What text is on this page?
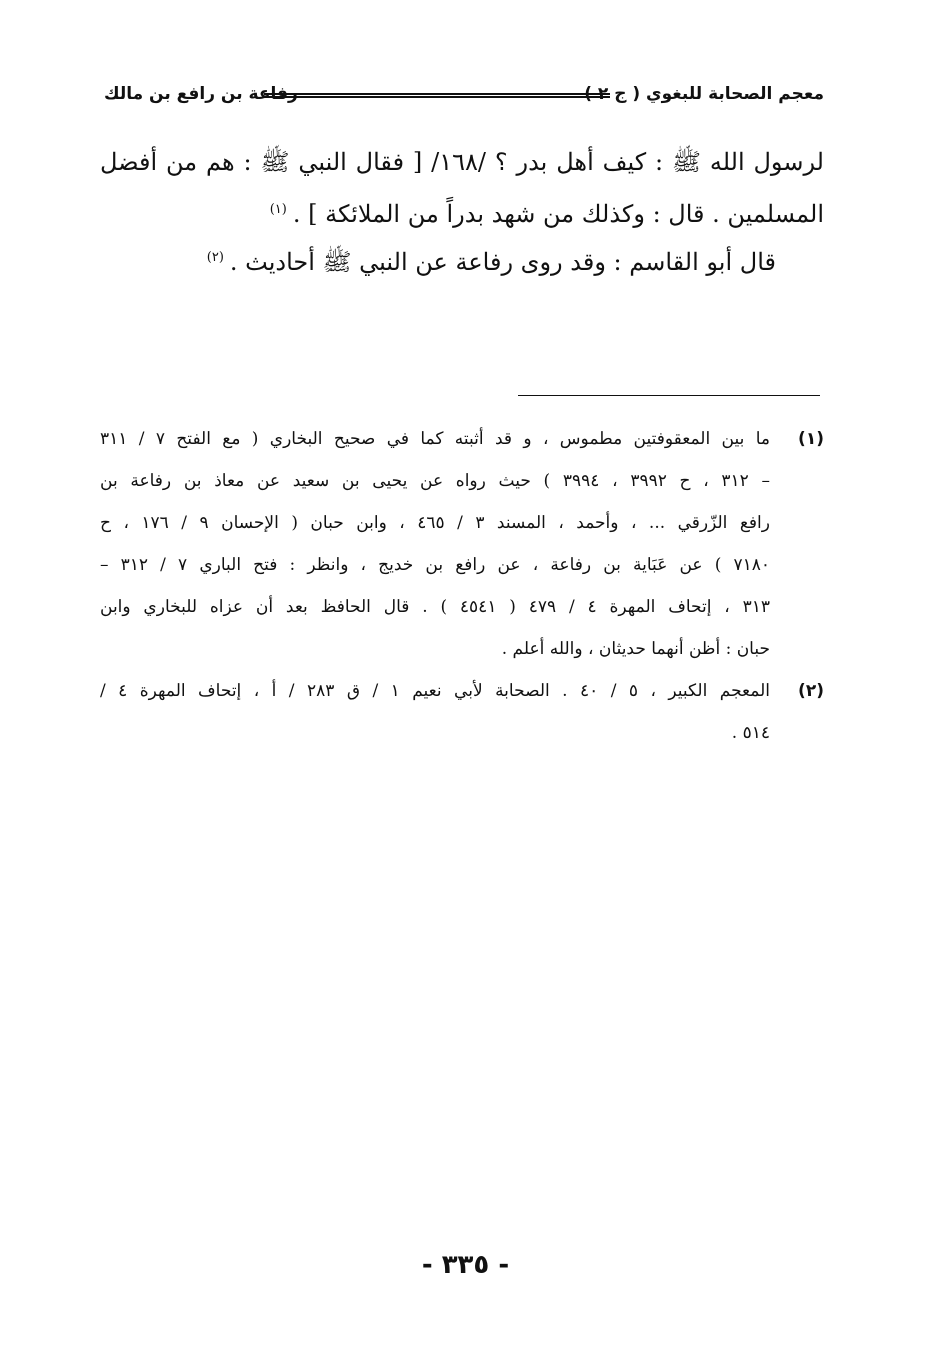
معجم الصحابة للبغوي ( ج ٢ )
رفاعة بن رافع بن مالك
لرسول الله ﷺ : كيف أهل بدر ؟ /١٦٨/ [ فقال النبي ﷺ : هم من أفضل
المسلمين . قال : وكذلك من شهد بدراً من الملائكة ] .$^{(١)}$
قال أبو القاسم : وقد روى رفاعة عن النبي ﷺ أحاديث .$^{(٢)}$
(١)
ما بين المعقوفتين مطموس ، و قد أثبته كما في صحيح البخاري ( مع الفتح ٧ / ٣١١
– ٣١٢ ، ح ٣٩٩٢ ، ٣٩٩٤ ) حيث رواه عن يحيى بن سعيد عن معاذ بن رفاعة بن
رافع الزّرقي ... ، وأحمد ، المسند ٣ / ٤٦٥ ، وابن حبان ( الإحسان ٩ / ١٧٦ ، ح
٧١٨٠ ) عن عَبَاية بن رفاعة ، عن رافع بن خديج ، وانظر : فتح الباري ٧ / ٣١٢ –
٣١٣ ، إتحاف المهرة ٤ / ٤٧٩ ( ٤٥٤١ ) . قال الحافظ بعد أن عزاه للبخاري وابن
حبان : أظن أنهما حديثان ، والله أعلم .
(٢)
المعجم الكبير ، ٥ / ٤٠ . الصحابة لأبي نعيم ١ / ق ٢٨٣ / أ ، إتحاف المهرة ٤ /
٥١٤ .
- ٣٣٥ -
